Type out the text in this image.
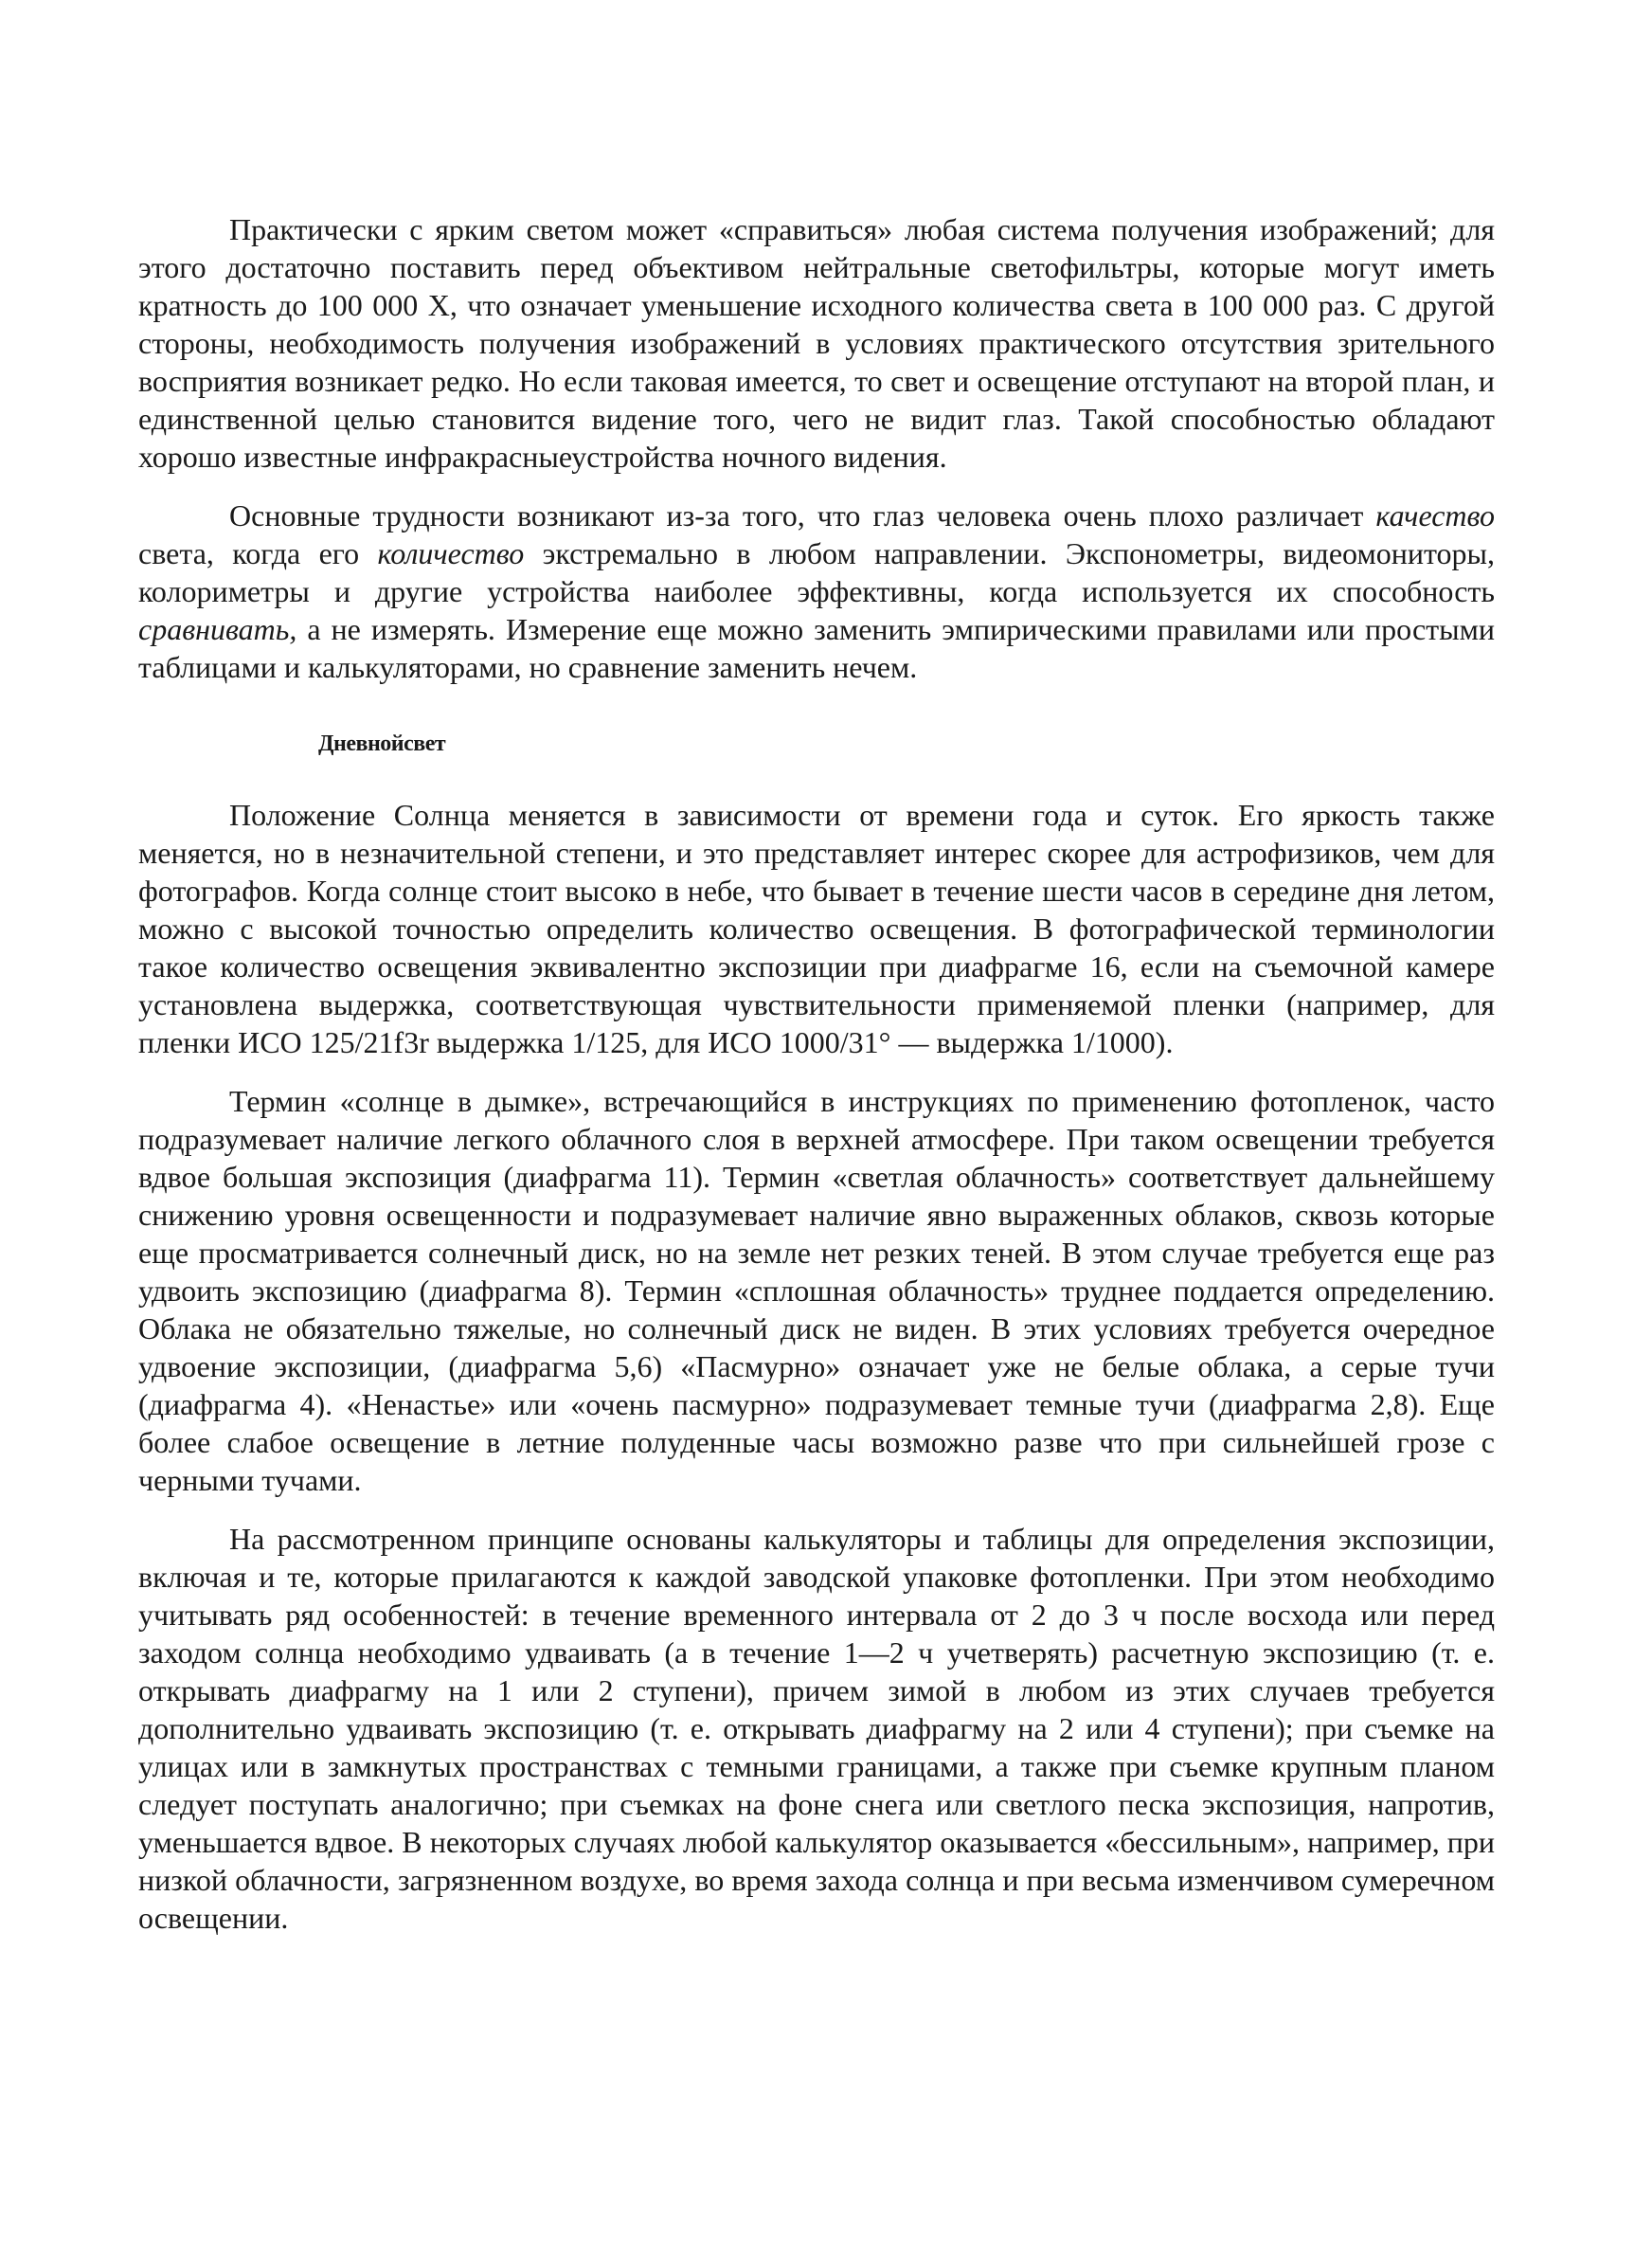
Практически с ярким светом может «справиться» любая система получения изображений; для этого достаточно поставить перед объективом нейтральные светофильтры, которые могут иметь кратность до 100 000 X, что означает уменьшение исходного количества света в 100 000 раз. С другой стороны, необходимость получения изображений в условиях практического отсутствия зрительного восприятия возникает редко. Но если таковая имеется, то свет и освещение отступают на второй план, и единственной целью становится видение того, чего не видит глаз. Такой способностью обладают хорошо известные инфракрасныеустройства ночного видения.

Основные трудности возникают из-за того, что глаз человека очень плохо различает качество света, когда его количество экстремально в любом направлении. Экспонометры, видеомониторы, колориметры и другие устройства наиболее эффективны, когда используется их способность сравнивать, а не измерять. Измерение еще можно заменить эмпирическими правилами или простыми таблицами и калькуляторами, но сравнение заменить нечем.

Дневнойсвет

Положение Солнца меняется в зависимости от времени года и суток. Его яркость также меняется, но в незначительной степени, и это представляет интерес скорее для астрофизиков, чем для фотографов. Когда солнце стоит высоко в небе, что бывает в течение шести часов в середине дня летом, можно с высокой точностью определить количество освещения. В фотографической терминологии такое количество освещения эквивалентно экспозиции при диафрагме 16, если на съемочной камере установлена выдержка, соответствующая чувствительности применяемой пленки (например, для пленки ИСО 125/21f3r выдержка 1/125, для ИСО 1000/31° — выдержка 1/1000).

Термин «солнце в дымке», встречающийся в инструкциях по применению фотопленок, часто подразумевает наличие легкого облачного слоя в верхней атмосфере. При таком освещении требуется вдвое большая экспозиция (диафрагма 11). Термин «светлая облачность» соответствует дальнейшему снижению уровня освещенности и подразумевает наличие явно выраженных облаков, сквозь которые еще просматривается солнечный диск, но на земле нет резких теней. В этом случае требуется еще раз удвоить экспозицию (диафрагма 8). Термин «сплошная облачность» труднее поддается определению. Облака не обязательно тяжелые, но солнечный диск не виден. В этих условиях требуется очередное удвоение экспозиции, (диафрагма 5,6) «Пасмурно» означает уже не белые облака, а серые тучи (диафрагма 4). «Ненастье» или «очень пасмурно» подразумевает темные тучи (диафрагма 2,8). Еще более слабое освещение в летние полуденные часы возможно разве что при сильнейшей грозе с черными тучами.

На рассмотренном принципе основаны калькуляторы и таблицы для определения экспозиции, включая и те, которые прилагаются к каждой заводской упаковке фотопленки. При этом необходимо учитывать ряд особенностей: в течение временного интервала от 2 до 3 ч после восхода или перед заходом солнца необходимо удваивать (а в течение 1—2 ч учетверять) расчетную экспозицию (т. е. открывать диафрагму на 1 или 2 ступени), причем зимой в любом из этих случаев требуется дополнительно удваивать экспозицию (т. е. открывать диафрагму на 2 или 4 ступени); при съемке на улицах или в замкнутых пространствах с темными границами, а также при съемке крупным планом следует поступать аналогично; при съемках на фоне снега или светлого песка экспозиция, напротив, уменьшается вдвое. В некоторых случаях любой калькулятор оказывается «бессильным», например, при низкой облачности, загрязненном воздухе, во время захода солнца и при весьма изменчивом сумеречном освещении.
